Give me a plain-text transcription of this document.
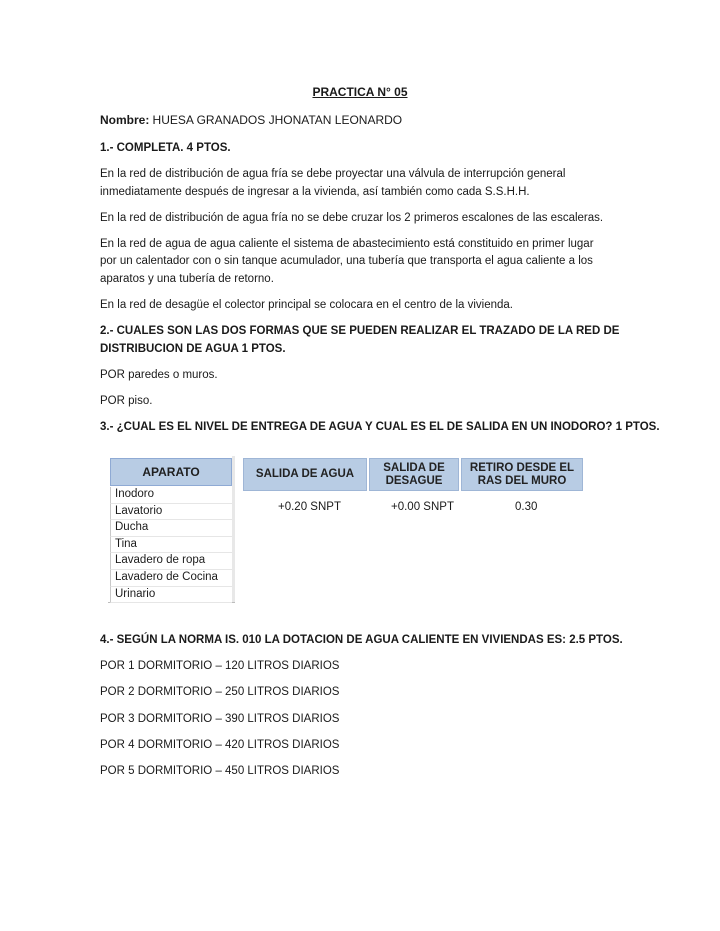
PRACTICA N° 05
Nombre: HUESA GRANADOS JHONATAN LEONARDO
1.- COMPLETA. 4 PTOS.
En la red de distribución de agua fría se debe proyectar una válvula de interrupción general
inmediatamente después de ingresar a la vivienda, así también como cada S.S.H.H.
En la red de distribución de agua fría no se debe cruzar los 2 primeros escalones de las escaleras.
En la red de agua de agua caliente el sistema de abastecimiento está constituido en primer lugar
por un calentador con o sin tanque acumulador, una tubería que transporta el agua caliente a los
aparatos y una tubería de retorno.
En la red de desagüe el colector principal se colocara en el centro de la vivienda.
2.- CUALES SON LAS DOS FORMAS QUE SE PUEDEN REALIZAR EL TRAZADO DE LA RED DE
DISTRIBUCION DE AGUA 1 PTOS.
POR paredes o muros.
POR piso.
3.- ¿CUAL ES EL NIVEL DE ENTREGA DE AGUA Y CUAL ES EL DE SALIDA EN UN INODORO? 1 PTOS.
APARATO
Inodoro
Lavatorio
Ducha
Tina
Lavadero de ropa
Lavadero de Cocina
Urinario
SALIDA DE AGUA
SALIDA DE
DESAGUE
RETIRO DESDE EL
RAS DEL MURO
+0.20 SNPT	+0.00 SNPT	0.30
4.- SEGÚN LA NORMA IS. 010 LA DOTACION DE AGUA CALIENTE EN VIVIENDAS ES: 2.5 PTOS.
POR 1 DORMITORIO – 120 LITROS DIARIOS
POR 2 DORMITORIO – 250 LITROS DIARIOS
POR 3 DORMITORIO – 390 LITROS DIARIOS
POR 4 DORMITORIO – 420 LITROS DIARIOS
POR 5 DORMITORIO – 450 LITROS DIARIOS
